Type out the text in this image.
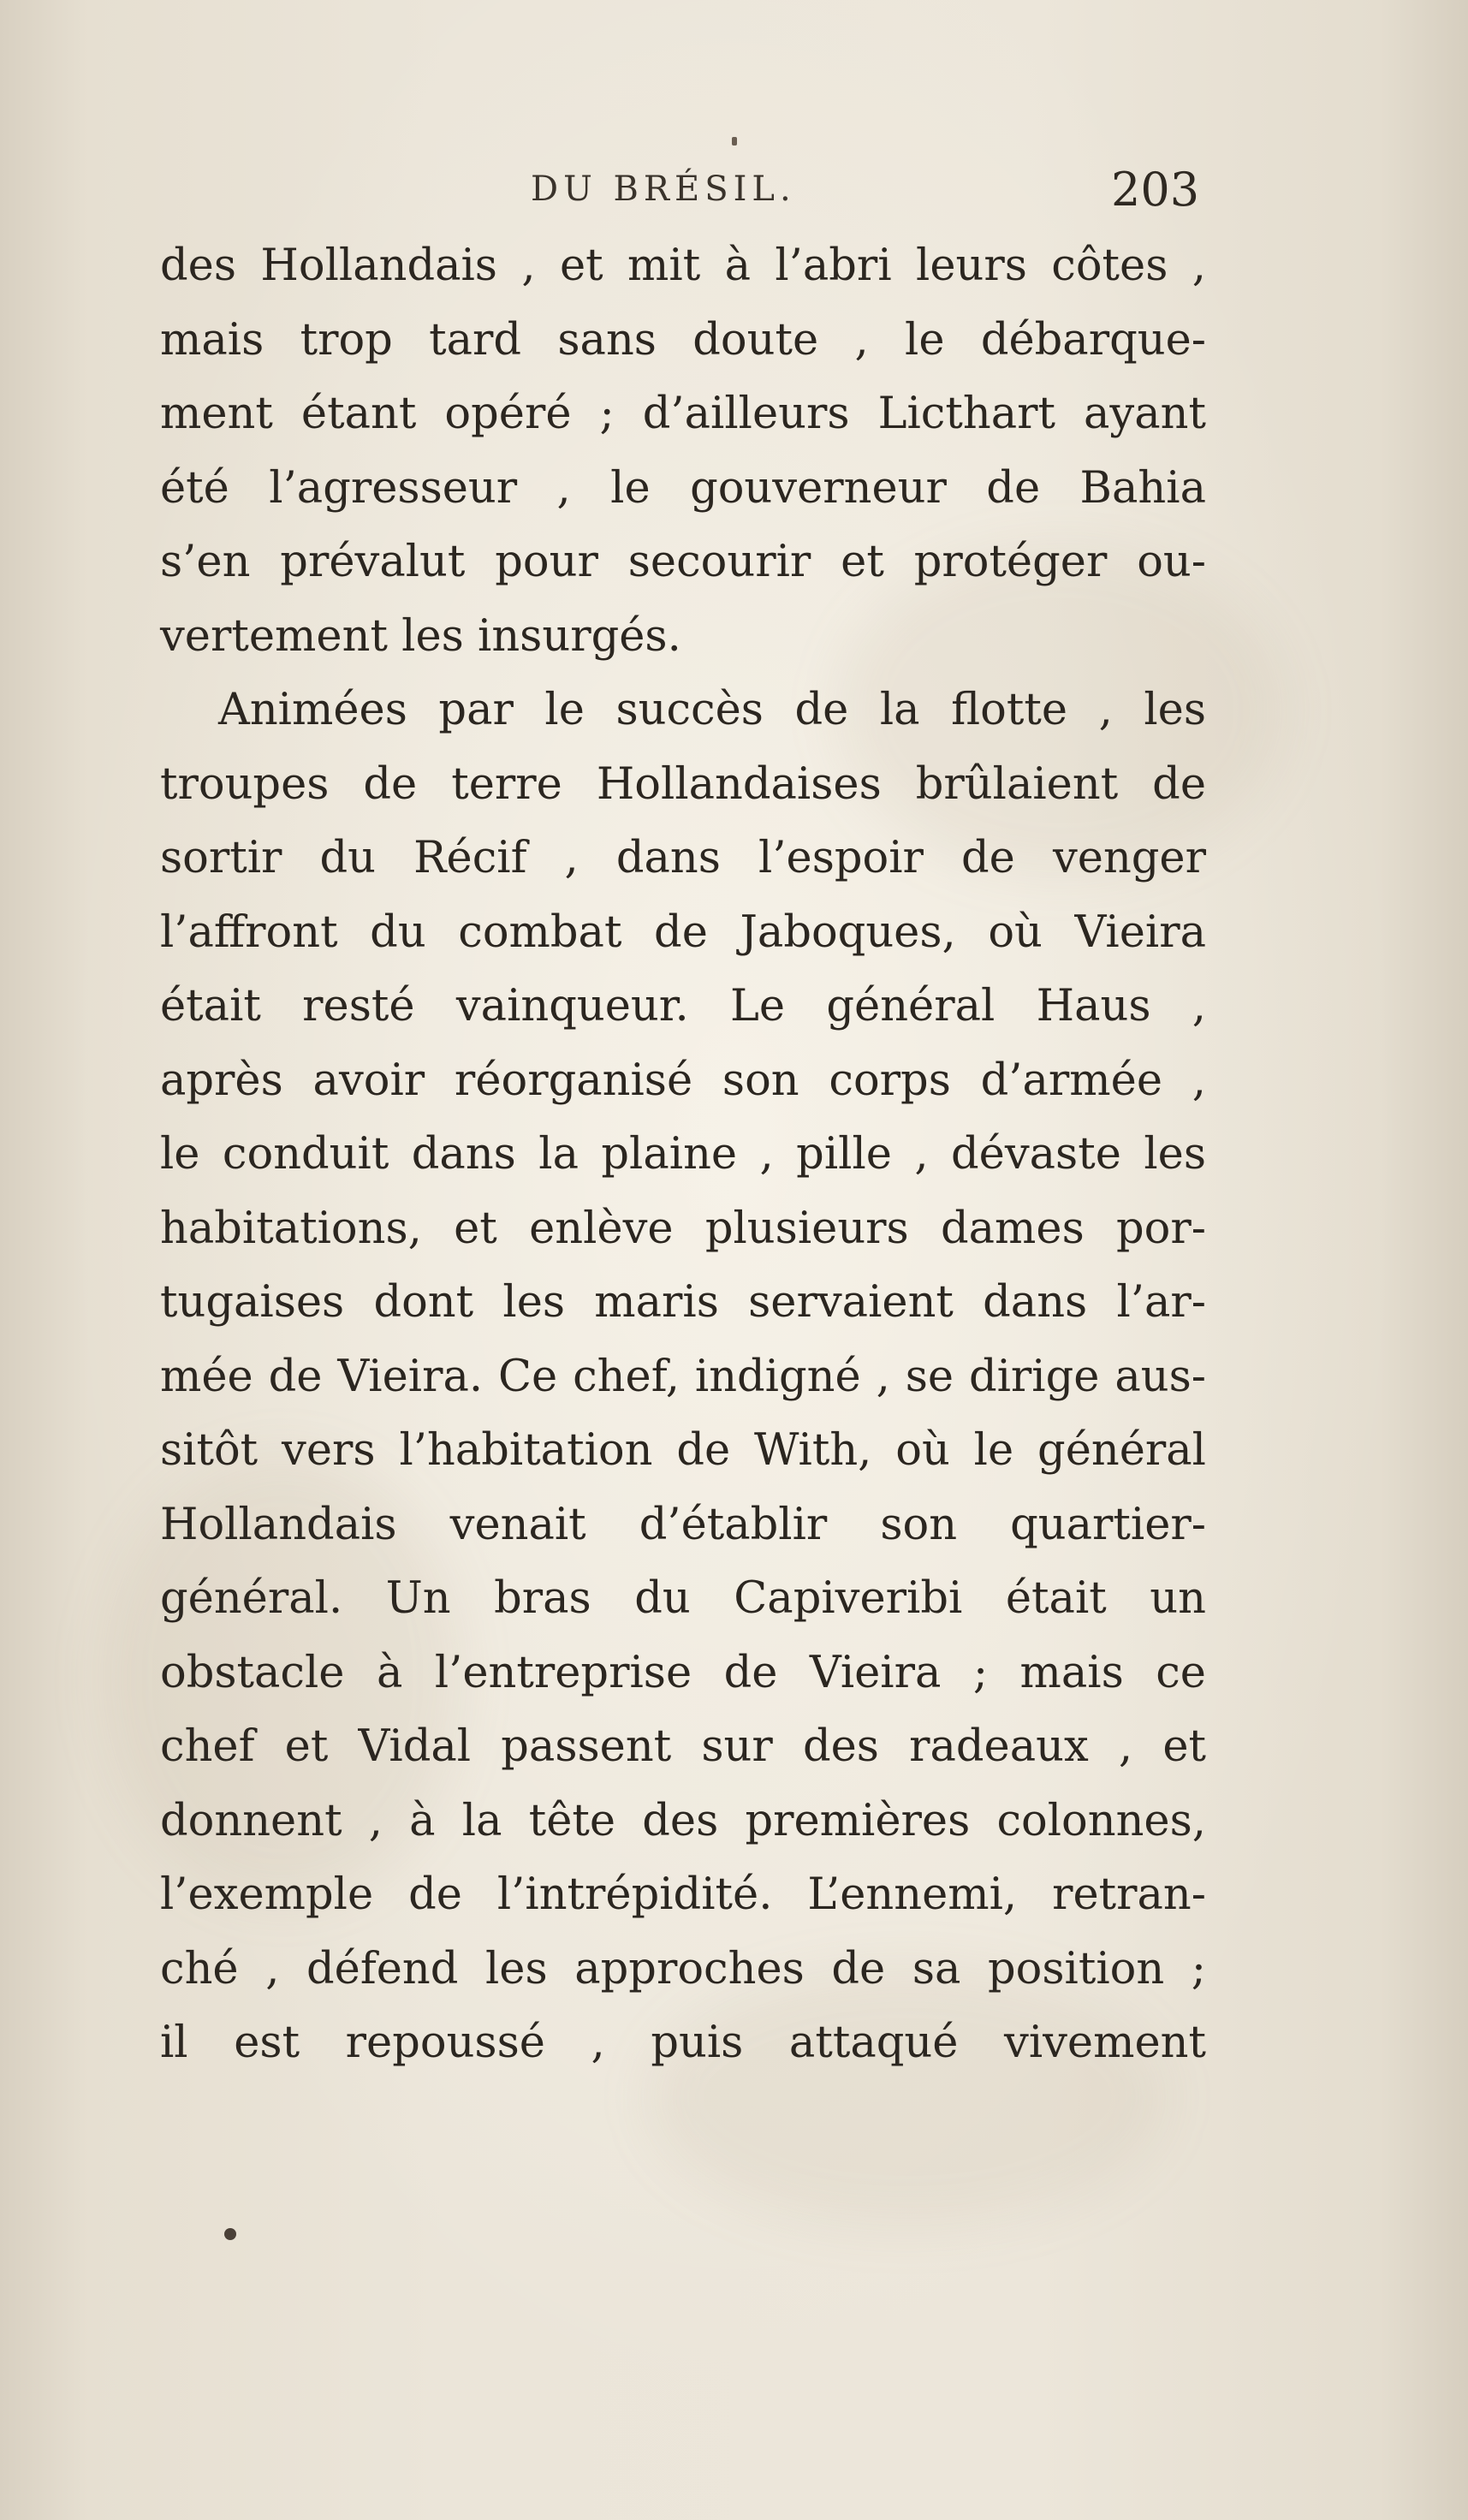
DU BRÉSIL.	203
des Hollandais , et mit à l’abri leurs côtes ,
mais trop tard sans doute , le débarque-
ment étant opéré ; d’ailleurs Licthart ayant
été l’agresseur , le gouverneur de Bahia
s’en prévalut pour secourir et protéger ou-
vertement les insurgés.
Animées par le succès de la flotte , les
troupes de terre Hollandaises brûlaient de
sortir du Récif , dans l’espoir de venger
l’affront du combat de Jaboques, où Vieira
était resté vainqueur. Le général Haus ,
après avoir réorganisé son corps d’armée ,
le conduit dans la plaine , pille , dévaste les
habitations, et enlève plusieurs dames por-
tugaises dont les maris servaient dans l’ar-
mée de Vieira. Ce chef, indigné , se dirige aus-
sitôt vers l’habitation de With, où le général
Hollandais venait d’établir son quartier-
général. Un bras du Capiveribi était un
obstacle à l’entreprise de Vieira ; mais ce
chef et Vidal passent sur des radeaux , et
donnent , à la tête des premières colonnes,
l’exemple de l’intrépidité. L’ennemi, retran-
ché , défend les approches de sa position ;
il est repoussé , puis attaqué vivement
